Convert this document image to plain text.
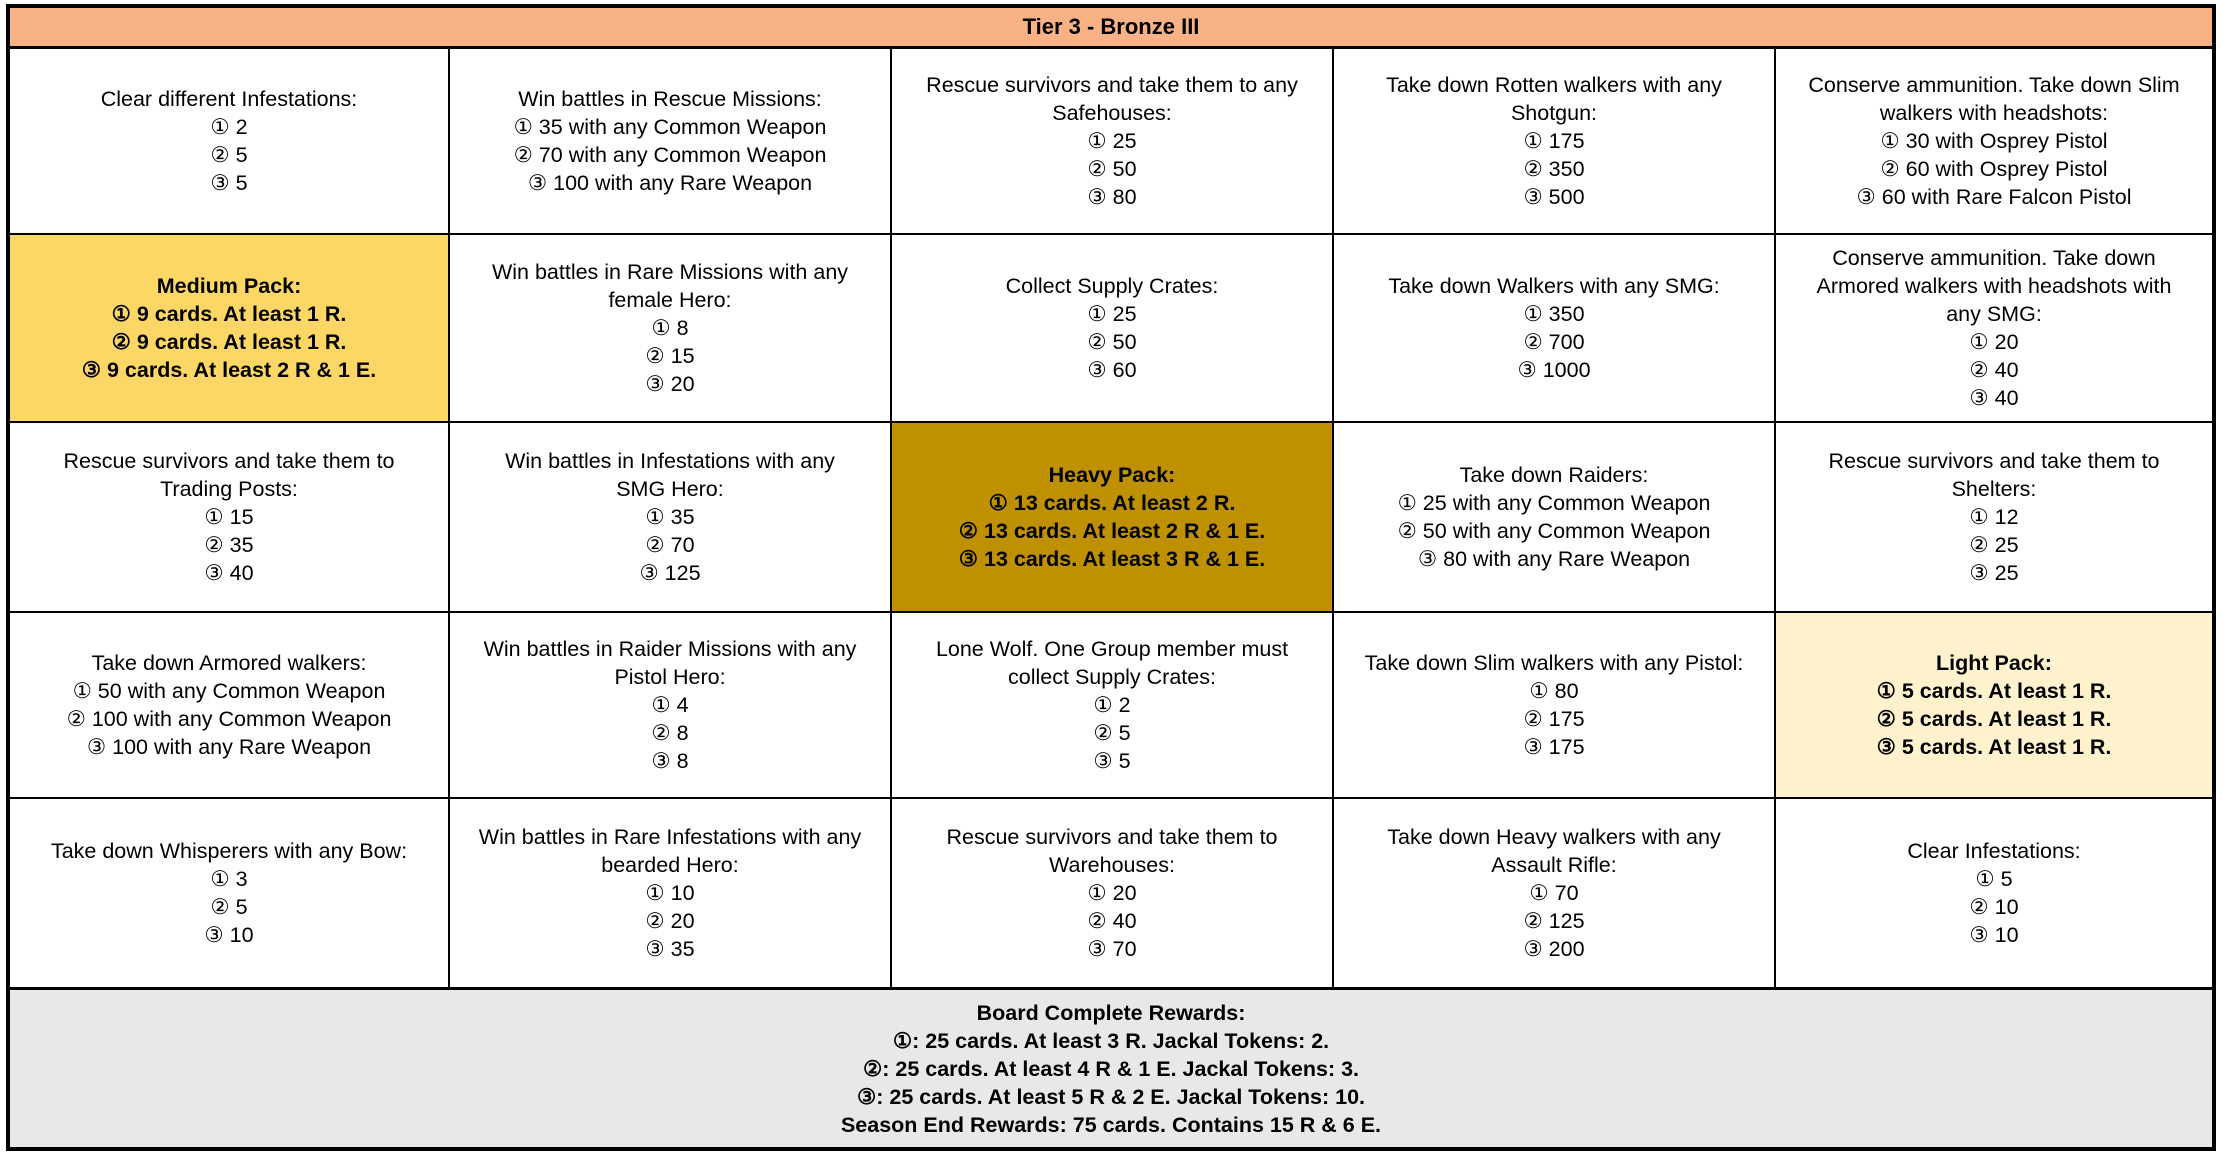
Tier 3 - Bronze III
Clear different Infestations:
① 2
② 5
③ 5
Win battles in Rescue Missions:
① 35 with any Common Weapon
② 70 with any Common Weapon
③ 100 with any Rare Weapon
Rescue survivors and take them to any
Safehouses:
① 25
② 50
③ 80
Take down Rotten walkers with any
Shotgun:
① 175
② 350
③ 500
Conserve ammunition. Take down Slim
walkers with headshots:
① 30 with Osprey Pistol
② 60 with Osprey Pistol
③ 60 with Rare Falcon Pistol
Medium Pack:
① 9 cards. At least 1 R.
② 9 cards. At least 1 R.
③ 9 cards. At least 2 R & 1 E.
Win battles in Rare Missions with any
female Hero:
① 8
② 15
③ 20
Collect Supply Crates:
① 25
② 50
③ 60
Take down Walkers with any SMG:
① 350
② 700
③ 1000
Conserve ammunition. Take down
Armored walkers with headshots with
any SMG:
① 20
② 40
③ 40
Rescue survivors and take them to
Trading Posts:
① 15
② 35
③ 40
Win battles in Infestations with any
SMG Hero:
① 35
② 70
③ 125
Heavy Pack:
① 13 cards. At least 2 R.
② 13 cards. At least 2 R & 1 E.
③ 13 cards. At least 3 R & 1 E.
Take down Raiders:
① 25 with any Common Weapon
② 50 with any Common Weapon
③ 80 with any Rare Weapon
Rescue survivors and take them to
Shelters:
① 12
② 25
③ 25
Take down Armored walkers:
① 50 with any Common Weapon
② 100 with any Common Weapon
③ 100 with any Rare Weapon
Win battles in Raider Missions with any
Pistol Hero:
① 4
② 8
③ 8
Lone Wolf. One Group member must
collect Supply Crates:
① 2
② 5
③ 5
Take down Slim walkers with any Pistol:
① 80
② 175
③ 175
Light Pack:
① 5 cards. At least 1 R.
② 5 cards. At least 1 R.
③ 5 cards. At least 1 R.
Take down Whisperers with any Bow:
① 3
② 5
③ 10
Win battles in Rare Infestations with any
bearded Hero:
① 10
② 20
③ 35
Rescue survivors and take them to
Warehouses:
① 20
② 40
③ 70
Take down Heavy walkers with any
Assault Rifle:
① 70
② 125
③ 200
Clear Infestations:
① 5
② 10
③ 10
Board Complete Rewards:
①: 25 cards. At least 3 R. Jackal Tokens: 2.
②: 25 cards. At least 4 R & 1 E. Jackal Tokens: 3.
③: 25 cards. At least 5 R & 2 E. Jackal Tokens: 10.
Season End Rewards: 75 cards. Contains 15 R & 6 E.
